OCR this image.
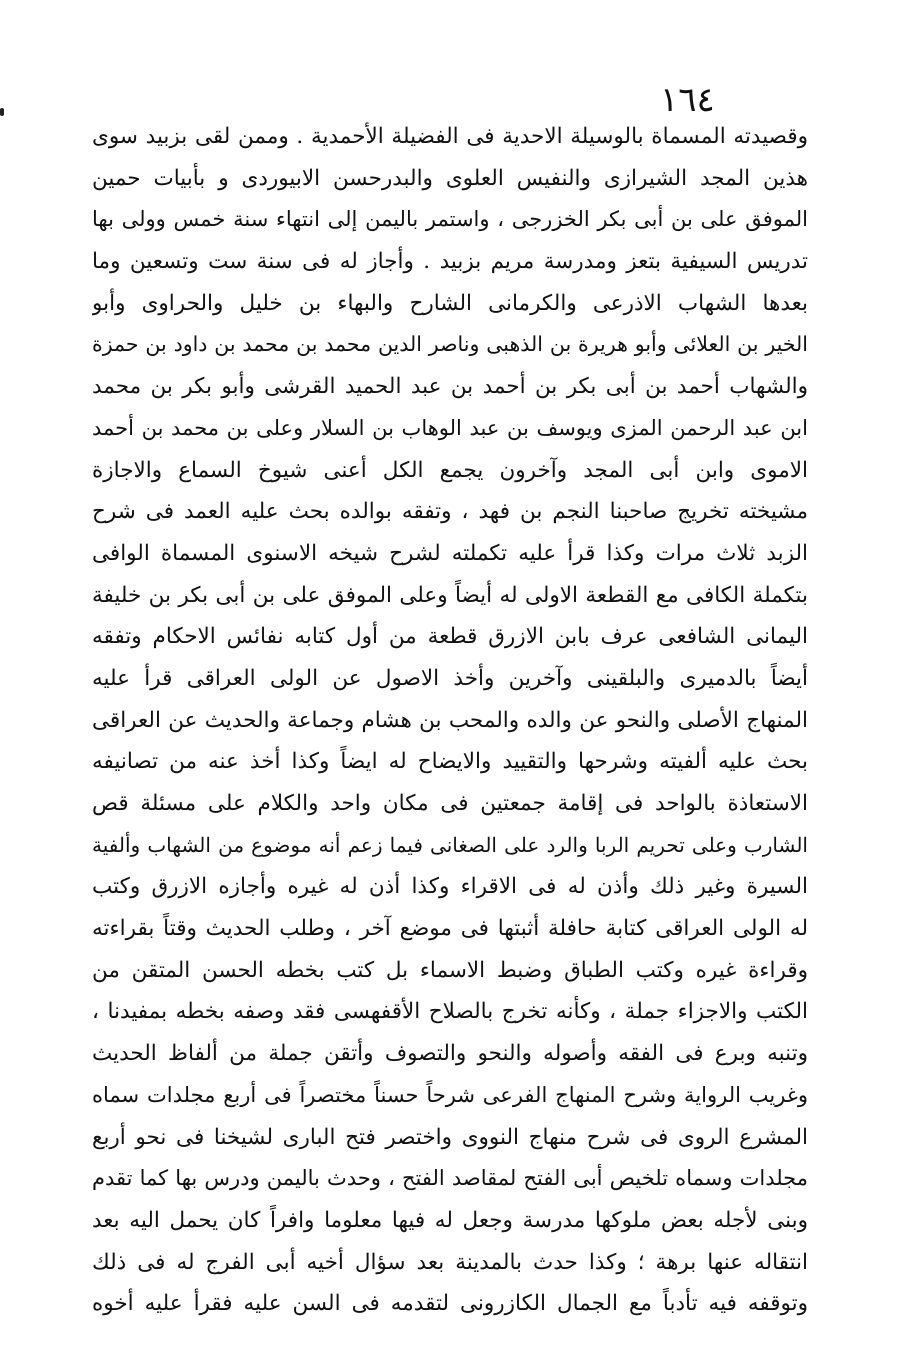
١٦٤
وقصيدته المسماة بالوسيلة الاحدية فى الفضيلة الأحمدية . وممن لقى بزبيد سوى
هذين المجد الشيرازى والنفيس العلوى والبدرحسن الابيوردى و بأبيات حمين
الموفق على بن أبى بكر الخزرجى ، واستمر باليمن إلى انتهاء سنة خمس وولى بها
تدريس السيفية بتعز ومدرسة مريم بزبيد . وأجاز له فى سنة ست وتسعين وما
بعدها الشهاب الاذرعى والكرمانى الشارح والبهاء بن خليل والحراوى وأبو
الخير بن العلائى وأبو هريرة بن الذهبى وناصر الدين محمد بن محمد بن داود بن حمزة
والشهاب أحمد بن أبى بكر بن أحمد بن عبد الحميد القرشى وأبو بكر بن محمد
ابن عبد الرحمن المزى ويوسف بن عبد الوهاب بن السلار وعلى بن محمد بن أحمد
الاموى وابن أبى المجد وآخرون يجمع الكل أعنى شيوخ السماع والاجازة
مشيخته تخريج صاحبنا النجم بن فهد ، وتفقه بوالده بحث عليه العمد فى شرح
الزبد ثلاث مرات وكذا قرأ عليه تكملته لشرح شيخه الاسنوى المسماة الوافى
بتكملة الكافى مع القطعة الاولى له أيضاً وعلى الموفق على بن أبى بكر بن خليفة
اليمانى الشافعى عرف بابن الازرق قطعة من أول كتابه نفائس الاحكام وتفقه
أيضاً بالدميرى والبلقينى وآخرين وأخذ الاصول عن الولى العراقى قرأ عليه
المنهاج الأصلى والنحو عن والده والمحب بن هشام وجماعة والحديث عن العراقى
بحث عليه ألفيته وشرحها والتقييد والايضاح له ايضاً وكذا أخذ عنه من تصانيفه
الاستعاذة بالواحد فى إقامة جمعتين فى مكان واحد والكلام على مسئلة قص
الشارب وعلى تحريم الربا والرد على الصغانى فيما زعم أنه موضوع من الشهاب وألفية
السيرة وغير ذلك وأذن له فى الاقراء وكذا أذن له غيره وأجازه الازرق وكتب
له الولى العراقى كتابة حافلة أثبتها فى موضع آخر ، وطلب الحديث وقتاً بقراءته
وقراءة غيره وكتب الطباق وضبط الاسماء بل كتب بخطه الحسن المتقن من
الكتب والاجزاء جملة ، وكأنه تخرج بالصلاح الأقفهسى فقد وصفه بخطه بمفيدنا ،
وتنبه وبرع فى الفقه وأصوله والنحو والتصوف وأتقن جملة من ألفاظ الحديث
وغريب الرواية وشرح المنهاج الفرعى شرحاً حسناً مختصراً فى أربع مجلدات سماه
المشرع الروى فى شرح منهاج النووى واختصر فتح البارى لشيخنا فى نحو أربع
مجلدات وسماه تلخيص أبى الفتح لمقاصد الفتح ، وحدث باليمن ودرس بها كما تقدم
وبنى لأجله بعض ملوكها مدرسة وجعل له فيها معلوما وافراً كان يحمل اليه بعد
انتقاله عنها برهة ؛ وكذا حدث بالمدينة بعد سؤال أخيه أبى الفرج له فى ذلك
وتوقفه فيه تأدباً مع الجمال الكازرونى لتقدمه فى السن عليه فقرأ عليه أخوه
